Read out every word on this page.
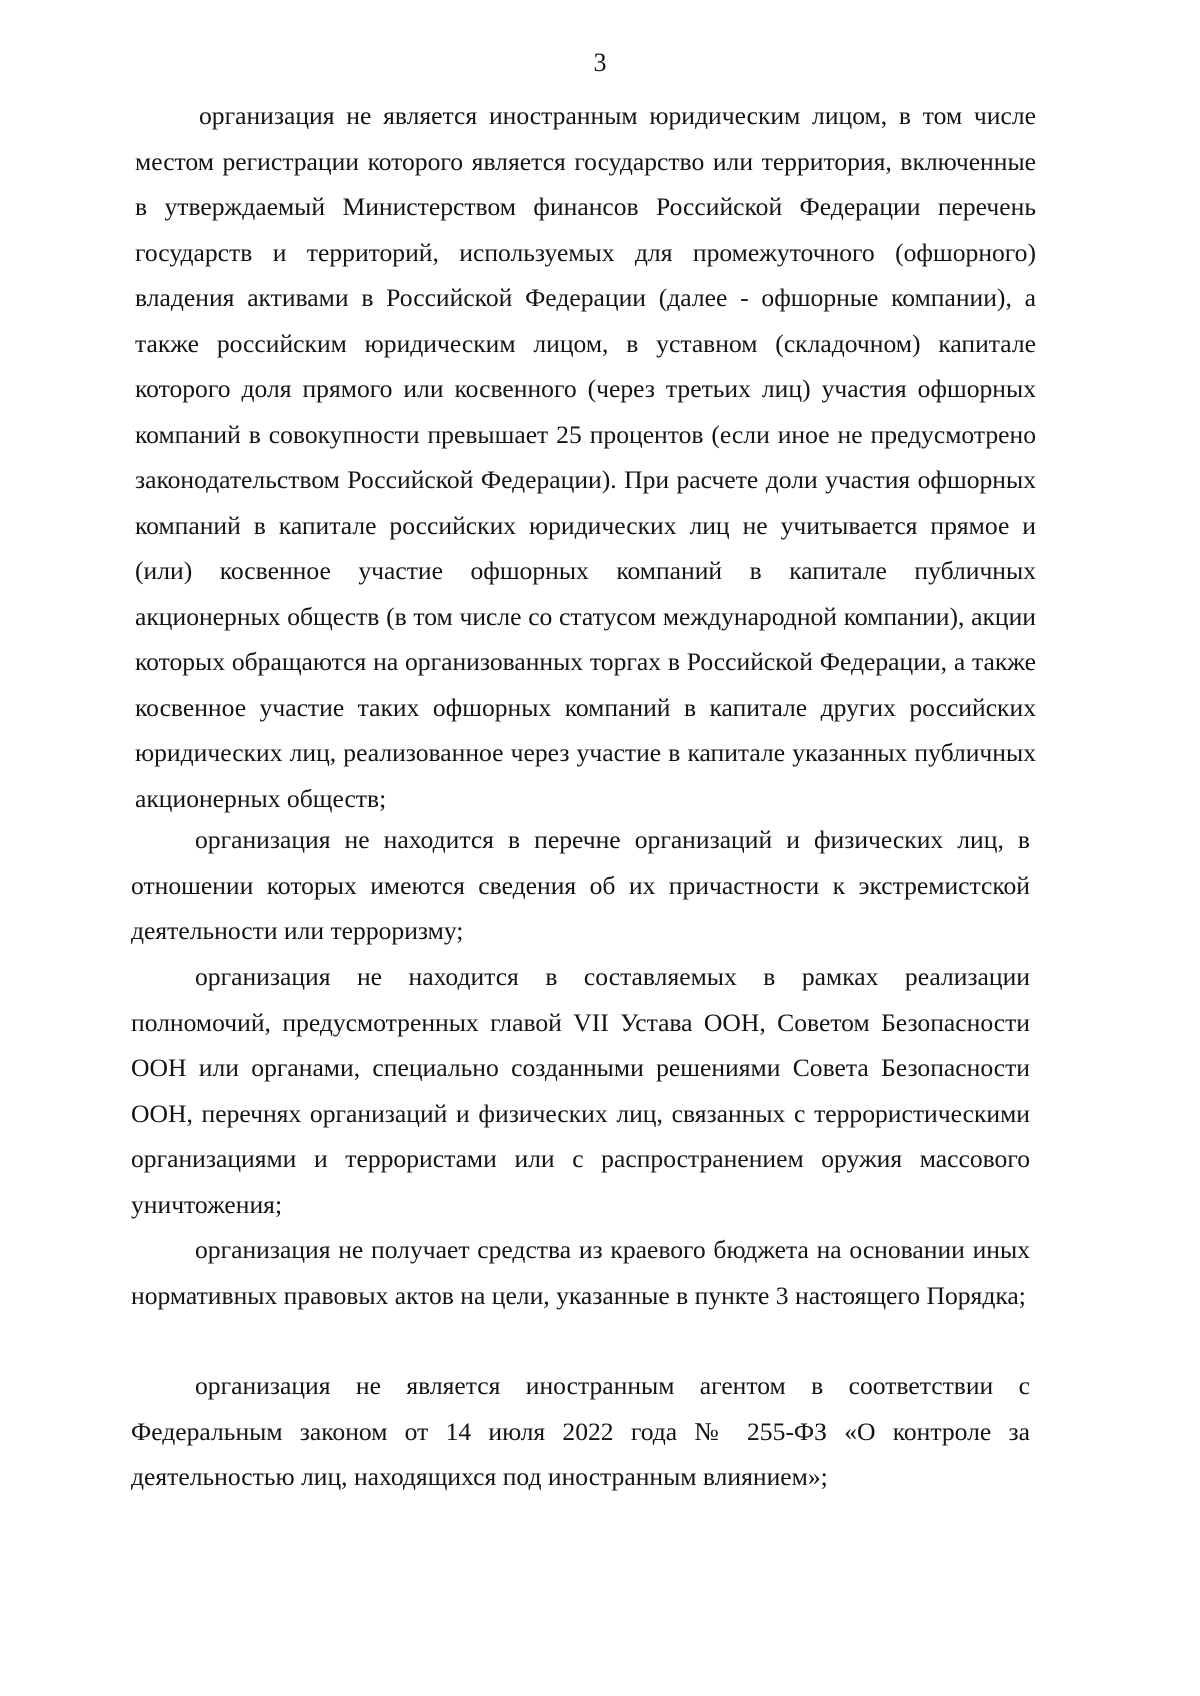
3

организация не является иностранным юридическим лицом, в том числе местом регистрации которого является государство или территория, включенные в утверждаемый Министерством финансов Российской Федерации перечень государств и территорий, используемых для промежуточного (офшорного) владения активами в Российской Федерации (далее - офшорные компании), а также российским юридическим лицом, в уставном (складочном) капитале которого доля прямого или косвенного (через третьих лиц) участия офшорных компаний в совокупности превышает 25 процентов (если иное не предусмотрено законодательством Российской Федерации). При расчете доли участия офшорных компаний в капитале российских юридических лиц не учитывается прямое и (или) косвенное участие офшорных компаний в капитале публичных акционерных обществ (в том числе со статусом международной компании), акции которых обращаются на организованных торгах в Российской Федерации, а также косвенное участие таких офшорных компаний в капитале других российских юридических лиц, реализованное через участие в капитале указанных публичных акционерных обществ;

организация не находится в перечне организаций и физических лиц, в отношении которых имеются сведения об их причастности к экстремистской деятельности или терроризму;

организация не находится в составляемых в рамках реализации полномочий, предусмотренных главой VII Устава ООН, Советом Безопасности ООН или органами, специально созданными решениями Совета Безопасности ООН, перечнях организаций и физических лиц, связанных с террористическими организациями и террористами или с распространением оружия массового уничтожения;

организация не получает средства из краевого бюджета на основании иных нормативных правовых актов на цели, указанные в пункте 3 настоящего Порядка;

организация не является иностранным агентом в соответствии с Федеральным законом от 14 июля 2022 года № 255-ФЗ «О контроле за деятельностью лиц, находящихся под иностранным влиянием»;
